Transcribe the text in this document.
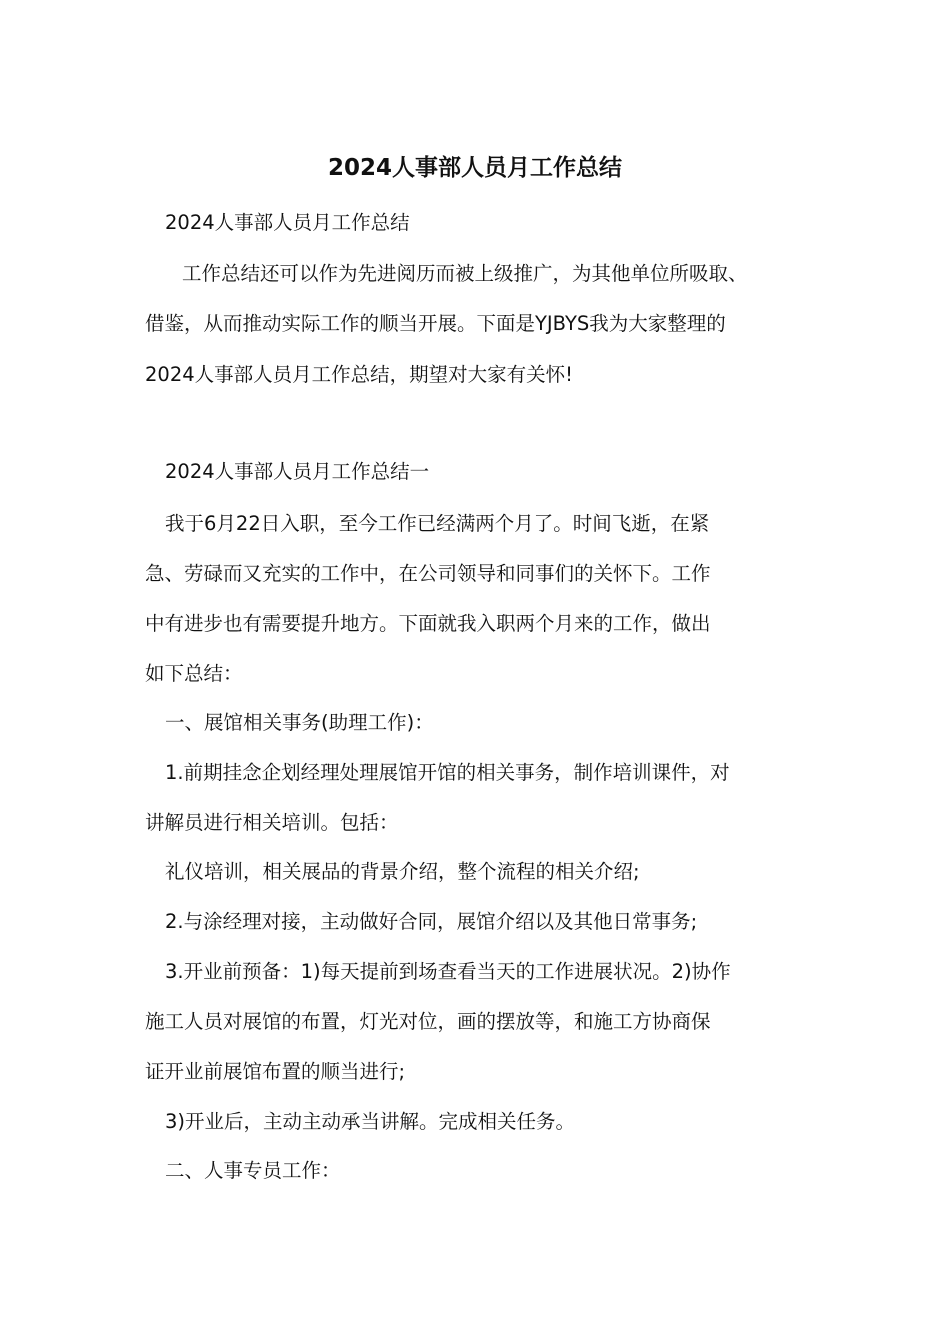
2024人事部人员月工作总结
2024人事部人员月工作总结
工作总结还可以作为先进阅历而被上级推广，为其他单位所吸取、
借鉴，从而推动实际工作的顺当开展。下面是YJBYS我为大家整理的
2024人事部人员月工作总结，期望对大家有关怀!
2024人事部人员月工作总结一
我于6月22日入职，至今工作已经满两个月了。时间飞逝，在紧
急、劳碌而又充实的工作中，在公司领导和同事们的关怀下。工作
中有进步也有需要提升地方。下面就我入职两个月来的工作，做出
如下总结：
一、展馆相关事务(助理工作)：
1.前期挂念企划经理处理展馆开馆的相关事务，制作培训课件，对
讲解员进行相关培训。包括：
礼仪培训，相关展品的背景介绍，整个流程的相关介绍;
2.与涂经理对接，主动做好合同，展馆介绍以及其他日常事务;
3.开业前预备：1)每天提前到场查看当天的工作进展状况。2)协作
施工人员对展馆的布置，灯光对位，画的摆放等，和施工方协商保
证开业前展馆布置的顺当进行;
3)开业后，主动主动承当讲解。完成相关任务。
二、人事专员工作：
